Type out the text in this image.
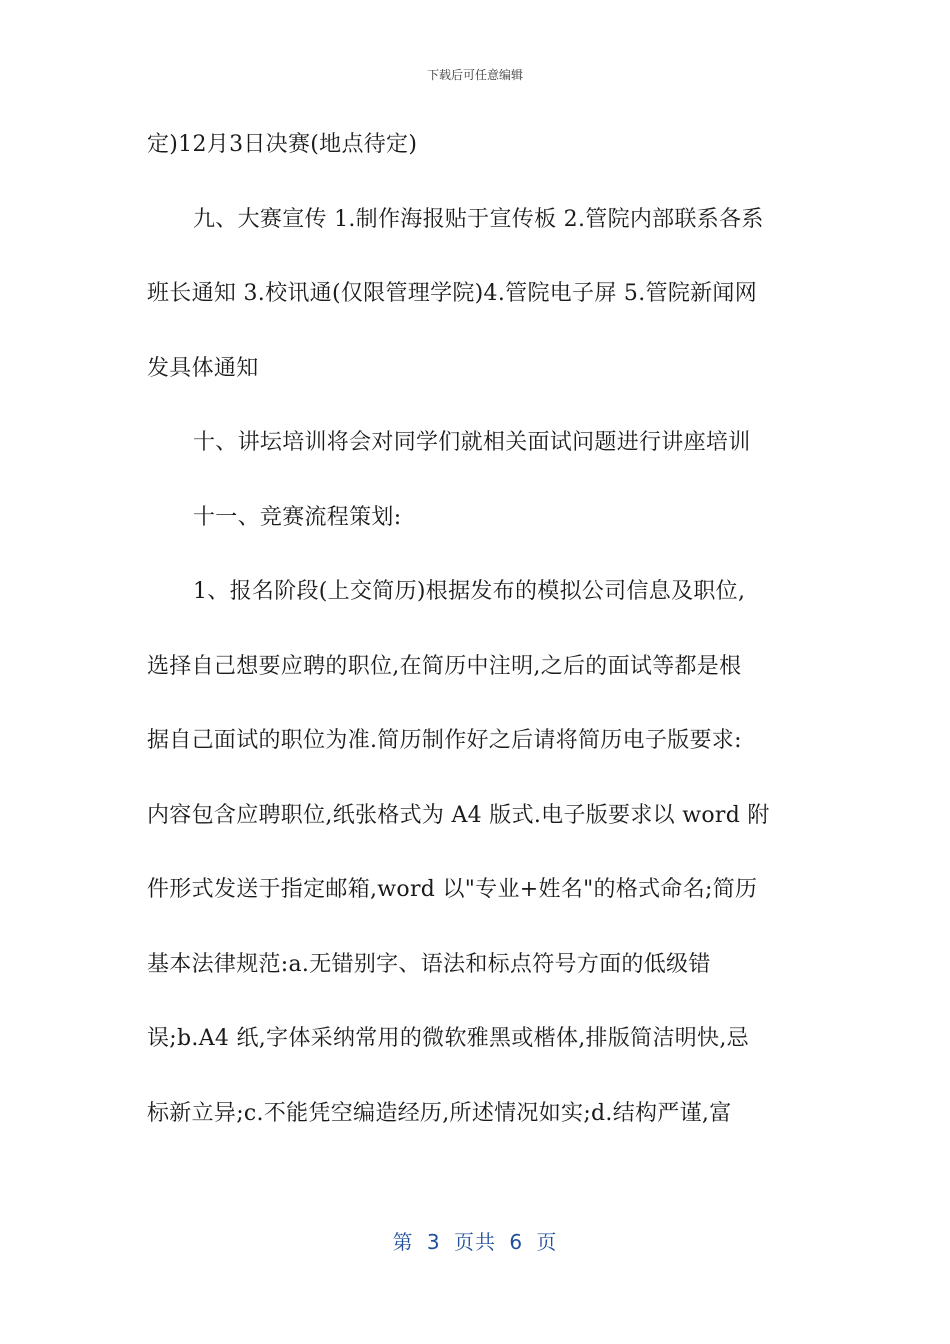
下载后可任意编辑
定)12月3日决赛(地点待定)
九、大赛宣传 1.制作海报贴于宣传板 2.管院内部联系各系
班长通知 3.校讯通(仅限管理学院)4.管院电子屏 5.管院新闻网
发具体通知
十、讲坛培训将会对同学们就相关面试问题进行讲座培训
十一、竞赛流程策划:
1、报名阶段(上交简历)根据发布的模拟公司信息及职位,
选择自己想要应聘的职位,在简历中注明,之后的面试等都是根
据自己面试的职位为准.简历制作好之后请将简历电子版要求:
内容包含应聘职位,纸张格式为 A4 版式.电子版要求以 word 附
件形式发送于指定邮箱,word 以"专业+姓名"的格式命名;简历
基本法律规范:a.无错别字、语法和标点符号方面的低级错
误;b.A4 纸,字体采纳常用的微软雅黑或楷体,排版简洁明快,忌
标新立异;c.不能凭空编造经历,所述情况如实;d.结构严谨,富
第 3 页共 6 页
